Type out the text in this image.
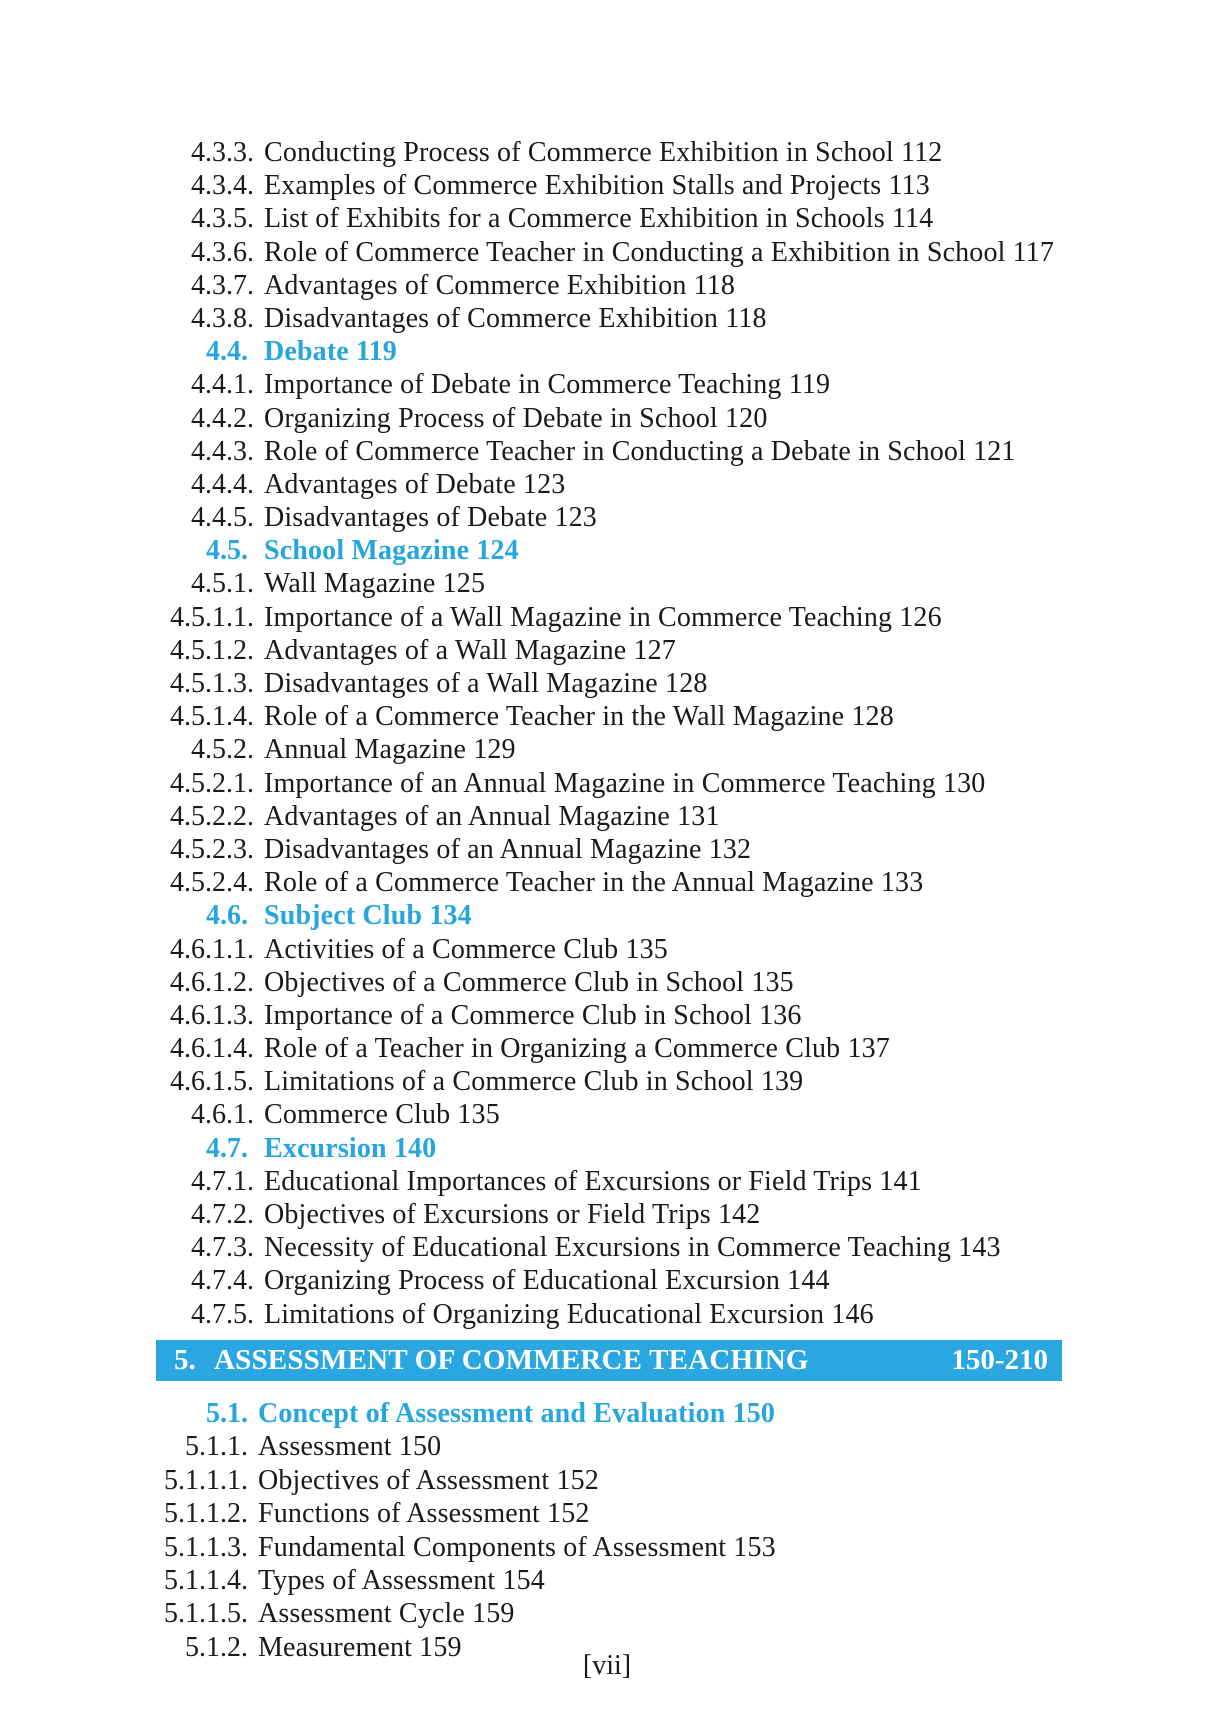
4.3.3. Conducting Process of Commerce Exhibition in School 112
4.3.4. Examples of Commerce Exhibition Stalls and Projects 113
4.3.5. List of Exhibits for a Commerce Exhibition in Schools 114
4.3.6. Role of Commerce Teacher in Conducting a Exhibition in School 117
4.3.7. Advantages of Commerce Exhibition 118
4.3.8. Disadvantages of Commerce Exhibition 118
4.4. Debate 119
4.4.1. Importance of Debate in Commerce Teaching 119
4.4.2. Organizing Process of Debate in School 120
4.4.3. Role of Commerce Teacher in Conducting a Debate in School 121
4.4.4. Advantages of Debate 123
4.4.5. Disadvantages of Debate 123
4.5. School Magazine 124
4.5.1. Wall Magazine 125
4.5.1.1. Importance of a Wall Magazine in Commerce Teaching 126
4.5.1.2. Advantages of a Wall Magazine 127
4.5.1.3. Disadvantages of a Wall Magazine 128
4.5.1.4. Role of a Commerce Teacher in the Wall Magazine 128
4.5.2. Annual Magazine 129
4.5.2.1. Importance of an Annual Magazine in Commerce Teaching 130
4.5.2.2. Advantages of an Annual Magazine 131
4.5.2.3. Disadvantages of an Annual Magazine 132
4.5.2.4. Role of a Commerce Teacher in the Annual Magazine 133
4.6. Subject Club 134
4.6.1.1. Activities of a Commerce Club 135
4.6.1.2. Objectives of a Commerce Club in School 135
4.6.1.3. Importance of a Commerce Club in School 136
4.6.1.4. Role of a Teacher in Organizing a Commerce Club 137
4.6.1.5. Limitations of a Commerce Club in School 139
4.6.1. Commerce Club 135
4.7. Excursion 140
4.7.1. Educational Importances of Excursions or Field Trips 141
4.7.2. Objectives of Excursions or Field Trips 142
4.7.3. Necessity of Educational Excursions in Commerce Teaching 143
4.7.4. Organizing Process of Educational Excursion 144
4.7.5. Limitations of Organizing Educational Excursion 146
5. ASSESSMENT OF COMMERCE TEACHING	150-210
5.1. Concept of Assessment and Evaluation 150
5.1.1. Assessment 150
5.1.1.1. Objectives of Assessment 152
5.1.1.2. Functions of Assessment 152
5.1.1.3. Fundamental Components of Assessment 153
5.1.1.4. Types of Assessment 154
5.1.1.5. Assessment Cycle 159
5.1.2. Measurement 159
[vii]
